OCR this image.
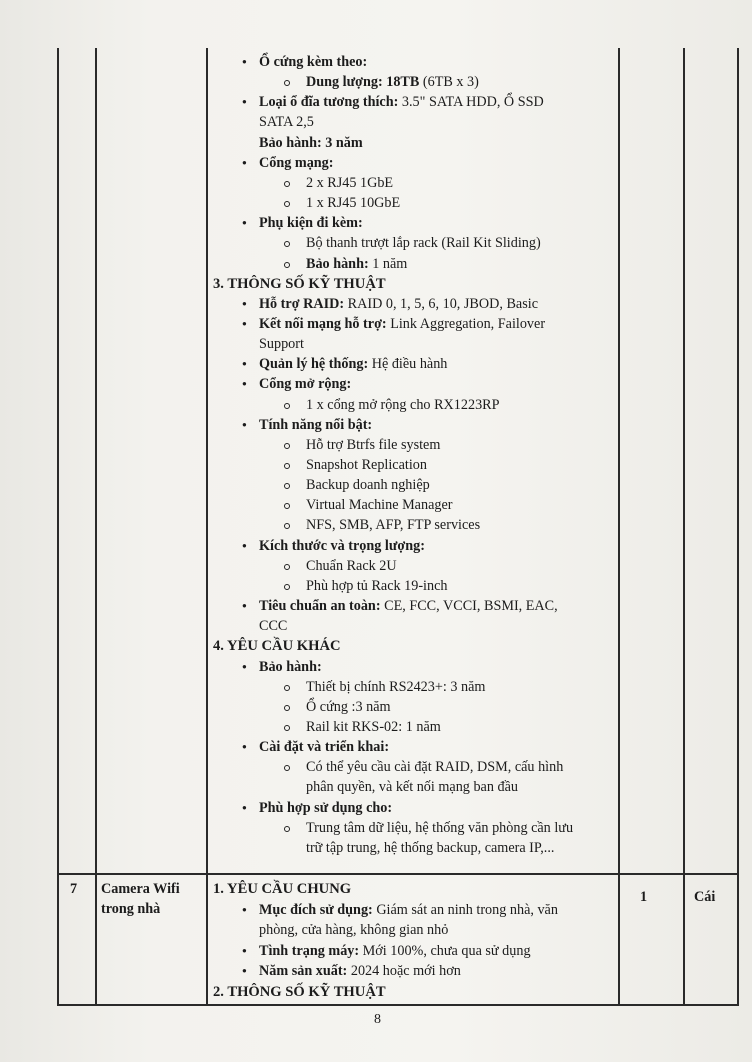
● Ổ cứng kèm theo:
Dung lượng: 18TB (6TB x 3)
● Loại ổ đĩa tương thích: 3.5" SATA HDD, Ổ SSD
SATA 2,5
Bảo hành: 3 năm
● Cổng mạng:
2 x RJ45 1GbE
1 x RJ45 10GbE
● Phụ kiện đi kèm:
Bộ thanh trượt lắp rack (Rail Kit Sliding)
Bảo hành: 1 năm
3. THÔNG SỐ KỸ THUẬT
● Hỗ trợ RAID: RAID 0, 1, 5, 6, 10, JBOD, Basic
● Kết nối mạng hỗ trợ: Link Aggregation, Failover
Support
● Quản lý hệ thống: Hệ điều hành
● Cổng mở rộng:
1 x cổng mở rộng cho RX1223RP
● Tính năng nổi bật:
Hỗ trợ Btrfs file system
Snapshot Replication
Backup doanh nghiệp
Virtual Machine Manager
NFS, SMB, AFP, FTP services
● Kích thước và trọng lượng:
Chuẩn Rack 2U
Phù hợp tủ Rack 19-inch
● Tiêu chuẩn an toàn: CE, FCC, VCCI, BSMI, EAC,
CCC
4. YÊU CẦU KHÁC
● Bảo hành:
Thiết bị chính RS2423+: 3 năm
Ổ cứng :3 năm
Rail kit RKS-02: 1 năm
● Cài đặt và triển khai:
Có thể yêu cầu cài đặt RAID, DSM, cấu hình
phân quyền, và kết nối mạng ban đầu
● Phù hợp sử dụng cho:
Trung tâm dữ liệu, hệ thống văn phòng cần lưu
trữ tập trung, hệ thống backup, camera IP,...
7 Camera Wifi
trong nhà
1	Cái
1. YÊU CẦU CHUNG
● Mục đích sử dụng: Giám sát an ninh trong nhà, văn
phòng, cửa hàng, không gian nhỏ
● Tình trạng máy: Mới 100%, chưa qua sử dụng
● Năm sản xuất: 2024 hoặc mới hơn
2. THÔNG SỐ KỸ THUẬT
8
